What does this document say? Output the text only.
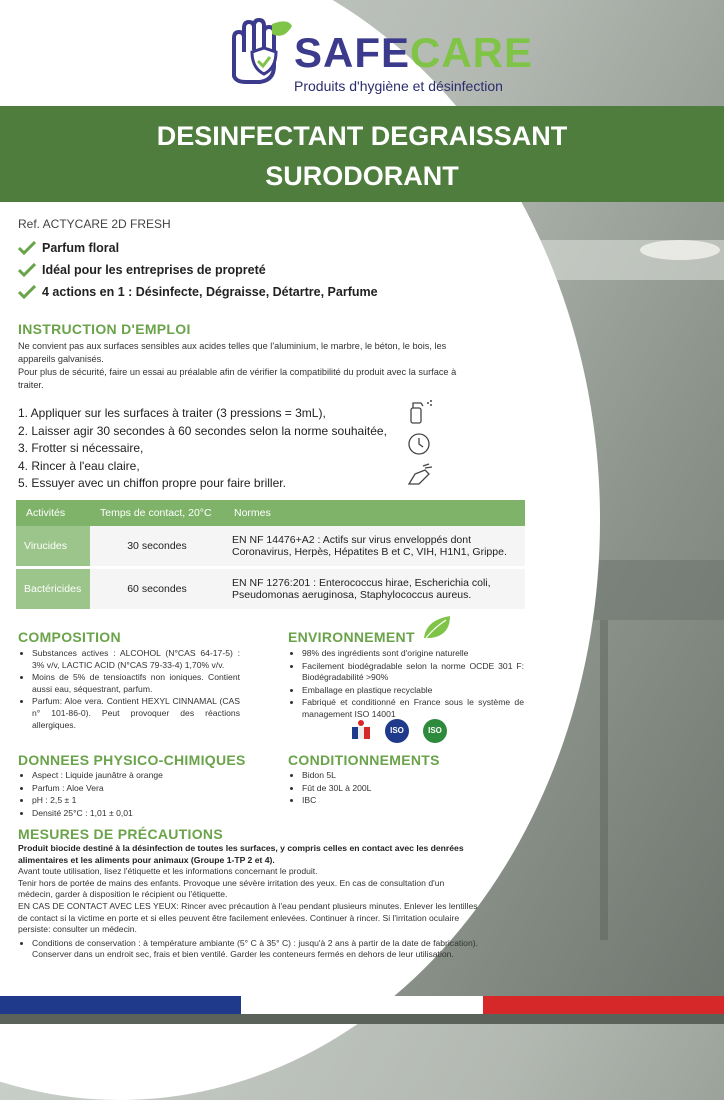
SAFECARE
Produits d'hygiène et désinfection
DESINFECTANT DEGRAISSANT
SURODORANT
Ref. ACTYCARE 2D FRESH
Parfum floral
Idéal pour les entreprises de propreté
4 actions en 1 : Désinfecte, Dégraisse, Détartre, Parfume
INSTRUCTION D'EMPLOI
Ne convient pas aux surfaces sensibles aux acides telles que l'aluminium, le marbre, le béton, le bois, les appareils galvanisés.
Pour plus de sécurité, faire un essai au préalable afin de vérifier la compatibilité du produit avec la surface à traiter.
1. Appliquer sur les surfaces à traiter (3 pressions = 3mL),
2. Laisser agir 30 secondes à 60 secondes selon la norme souhaitée,
3. Frotter si nécessaire,
4. Rincer à l'eau claire,
5. Essuyer avec un chiffon propre pour faire briller.
Activités	Temps de contact, 20°C	Normes
Virucides	30 secondes	EN NF 14476+A2 : Actifs sur virus enveloppés dont
Coronavirus, Herpès, Hépatites B et C, VIH, H1N1, Grippe.

Bactéricides	60 secondes	EN NF 1276:201 : Enterococcus hirae, Escherichia coli,
Pseudomonas aeruginosa, Staphylococcus aureus.
COMPOSITION
• Substances actives : ALCOHOL (N°CAS 64-17-5) : 3% v/v, LACTIC ACID (N°CAS 79-33-4) 1,70% v/v.
• Moins de 5% de tensioactifs non ioniques. Contient aussi eau, séquestrant, parfum.
• Parfum: Aloe vera. Contient HEXYL CINNAMAL (CAS n° 101-86-0). Peut provoquer des réactions allergiques.
ENVIRONNEMENT
• 98% des ingrédients sont d'origine naturelle
• Facilement biodégradable selon la norme OCDE 301 F: Biodégradabilité >90%
• Emballage en plastique recyclable
• Fabriqué et conditionné en France sous le système de management ISO 14001
ISO	ISO
DONNEES PHYSICO-CHIMIQUES
• Aspect : Liquide jaunâtre à orange
• Parfum : Aloe Vera
• pH : 2,5 ± 1
• Densité 25°C : 1,01 ± 0,01
CONDITIONNEMENTS
• Bidon 5L
• Fût de 30L à 200L
• IBC
MESURES DE PRÉCAUTIONS
Produit biocide destiné à la désinfection de toutes les surfaces, y compris celles en contact avec les denrées alimentaires et les aliments pour animaux (Groupe 1-TP 2 et 4).
Avant toute utilisation, lisez l'étiquette et les informations concernant le produit.
Tenir hors de portée de mains des enfants. Provoque une sévère irritation des yeux. En cas de consultation d'un médecin, garder à disposition le récipient ou l'étiquette.
EN CAS DE CONTACT AVEC LES YEUX: Rincer avec précaution à l'eau pendant plusieurs minutes. Enlever les lentilles de contact si la victime en porte et si elles peuvent être facilement enlevées. Continuer à rincer. Si l'irritation oculaire persiste: consulter un médecin.
• Conditions de conservation : à température ambiante (5° C à 35° C) : jusqu'à 2 ans à partir de la date de fabrication). Conserver dans un endroit sec, frais et bien ventilé. Garder les conteneurs fermés en dehors de leur utilisation.
